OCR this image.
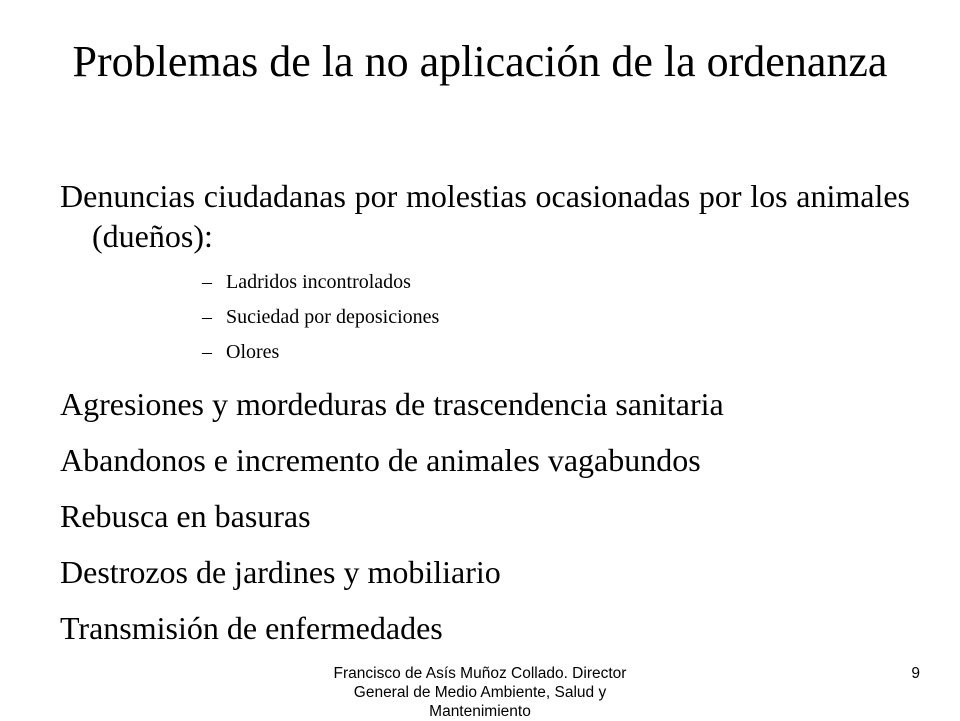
Problemas de la no aplicación de la ordenanza
Denuncias ciudadanas por molestias ocasionadas por los animales (dueños):
– Ladridos incontrolados
– Suciedad por deposiciones
– Olores
Agresiones y mordeduras de trascendencia sanitaria
Abandonos e incremento de animales vagabundos
Rebusca en basuras
Destrozos de jardines y mobiliario
Transmisión de enfermedades

Francisco de Asís Muñoz Collado. Director General de Medio Ambiente, Salud y Mantenimiento

9
